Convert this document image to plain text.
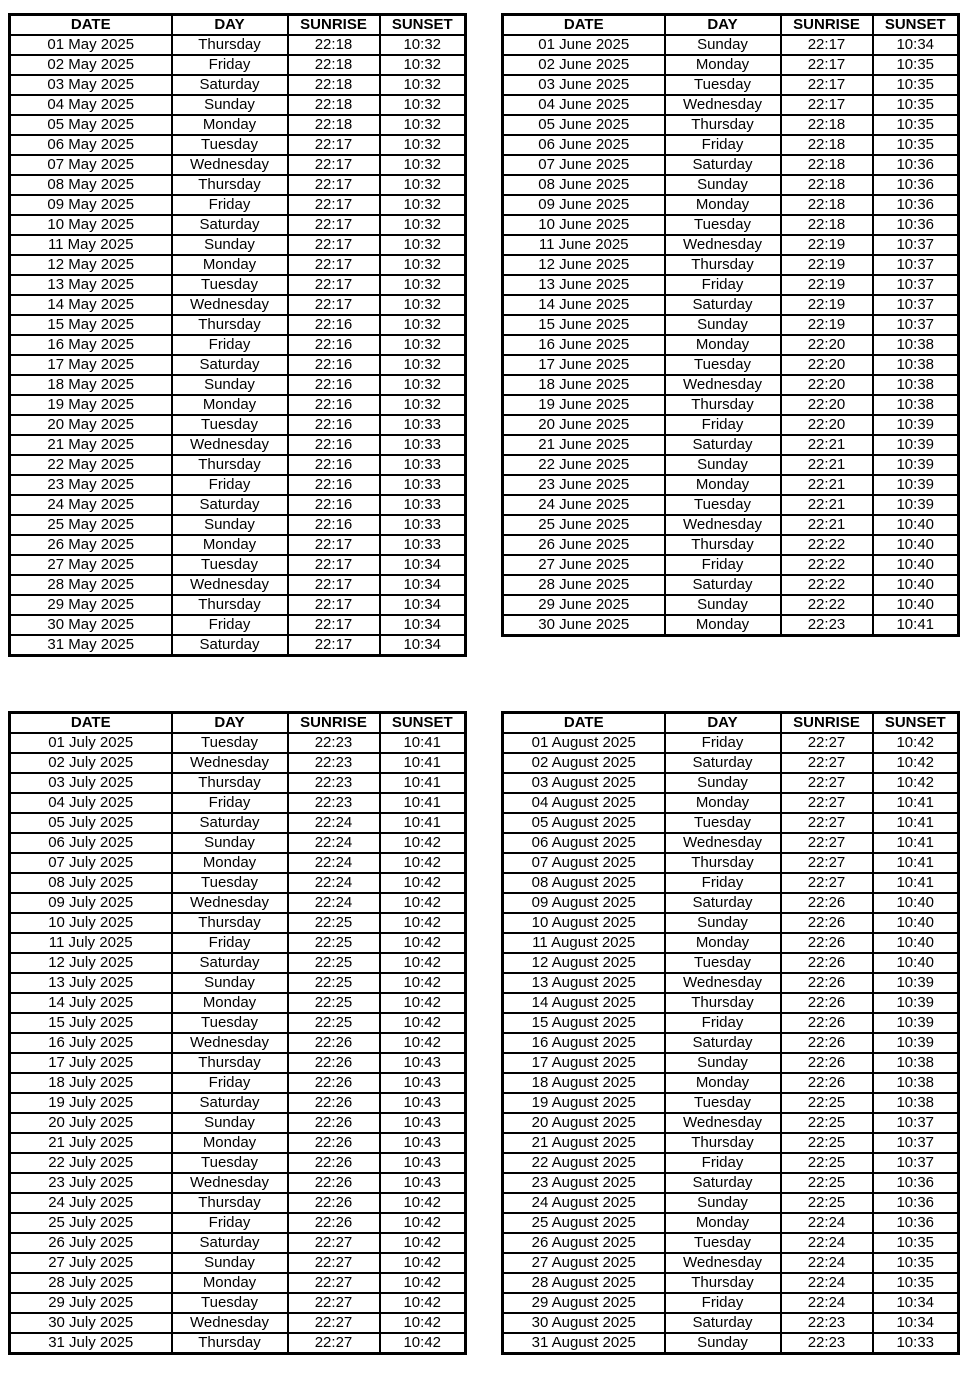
DATE	DAY	SUNRISE	SUNSET
01 May 2025	Thursday	22:18	10:32
02 May 2025	Friday	22:18	10:32
03 May 2025	Saturday	22:18	10:32
04 May 2025	Sunday	22:18	10:32
05 May 2025	Monday	22:18	10:32
06 May 2025	Tuesday	22:17	10:32
07 May 2025	Wednesday	22:17	10:32
08 May 2025	Thursday	22:17	10:32
09 May 2025	Friday	22:17	10:32
10 May 2025	Saturday	22:17	10:32
11 May 2025	Sunday	22:17	10:32
12 May 2025	Monday	22:17	10:32
13 May 2025	Tuesday	22:17	10:32
14 May 2025	Wednesday	22:17	10:32
15 May 2025	Thursday	22:16	10:32
16 May 2025	Friday	22:16	10:32
17 May 2025	Saturday	22:16	10:32
18 May 2025	Sunday	22:16	10:32
19 May 2025	Monday	22:16	10:32
20 May 2025	Tuesday	22:16	10:33
21 May 2025	Wednesday	22:16	10:33
22 May 2025	Thursday	22:16	10:33
23 May 2025	Friday	22:16	10:33
24 May 2025	Saturday	22:16	10:33
25 May 2025	Sunday	22:16	10:33
26 May 2025	Monday	22:17	10:33
27 May 2025	Tuesday	22:17	10:34
28 May 2025	Wednesday	22:17	10:34
29 May 2025	Thursday	22:17	10:34
30 May 2025	Friday	22:17	10:34
31 May 2025	Saturday	22:17	10:34
DATE	DAY	SUNRISE	SUNSET
01 June 2025	Sunday	22:17	10:34
02 June 2025	Monday	22:17	10:35
03 June 2025	Tuesday	22:17	10:35
04 June 2025	Wednesday	22:17	10:35
05 June 2025	Thursday	22:18	10:35
06 June 2025	Friday	22:18	10:35
07 June 2025	Saturday	22:18	10:36
08 June 2025	Sunday	22:18	10:36
09 June 2025	Monday	22:18	10:36
10 June 2025	Tuesday	22:18	10:36
11 June 2025	Wednesday	22:19	10:37
12 June 2025	Thursday	22:19	10:37
13 June 2025	Friday	22:19	10:37
14 June 2025	Saturday	22:19	10:37
15 June 2025	Sunday	22:19	10:37
16 June 2025	Monday	22:20	10:38
17 June 2025	Tuesday	22:20	10:38
18 June 2025	Wednesday	22:20	10:38
19 June 2025	Thursday	22:20	10:38
20 June 2025	Friday	22:20	10:39
21 June 2025	Saturday	22:21	10:39
22 June 2025	Sunday	22:21	10:39
23 June 2025	Monday	22:21	10:39
24 June 2025	Tuesday	22:21	10:39
25 June 2025	Wednesday	22:21	10:40
26 June 2025	Thursday	22:22	10:40
27 June 2025	Friday	22:22	10:40
28 June 2025	Saturday	22:22	10:40
29 June 2025	Sunday	22:22	10:40
30 June 2025	Monday	22:23	10:41
DATE	DAY	SUNRISE	SUNSET
01 July 2025	Tuesday	22:23	10:41
02 July 2025	Wednesday	22:23	10:41
03 July 2025	Thursday	22:23	10:41
04 July 2025	Friday	22:23	10:41
05 July 2025	Saturday	22:24	10:41
06 July 2025	Sunday	22:24	10:42
07 July 2025	Monday	22:24	10:42
08 July 2025	Tuesday	22:24	10:42
09 July 2025	Wednesday	22:24	10:42
10 July 2025	Thursday	22:25	10:42
11 July 2025	Friday	22:25	10:42
12 July 2025	Saturday	22:25	10:42
13 July 2025	Sunday	22:25	10:42
14 July 2025	Monday	22:25	10:42
15 July 2025	Tuesday	22:25	10:42
16 July 2025	Wednesday	22:26	10:42
17 July 2025	Thursday	22:26	10:43
18 July 2025	Friday	22:26	10:43
19 July 2025	Saturday	22:26	10:43
20 July 2025	Sunday	22:26	10:43
21 July 2025	Monday	22:26	10:43
22 July 2025	Tuesday	22:26	10:43
23 July 2025	Wednesday	22:26	10:43
24 July 2025	Thursday	22:26	10:42
25 July 2025	Friday	22:26	10:42
26 July 2025	Saturday	22:27	10:42
27 July 2025	Sunday	22:27	10:42
28 July 2025	Monday	22:27	10:42
29 July 2025	Tuesday	22:27	10:42
30 July 2025	Wednesday	22:27	10:42
31 July 2025	Thursday	22:27	10:42
DATE	DAY	SUNRISE	SUNSET
01 August 2025	Friday	22:27	10:42
02 August 2025	Saturday	22:27	10:42
03 August 2025	Sunday	22:27	10:42
04 August 2025	Monday	22:27	10:41
05 August 2025	Tuesday	22:27	10:41
06 August 2025	Wednesday	22:27	10:41
07 August 2025	Thursday	22:27	10:41
08 August 2025	Friday	22:27	10:41
09 August 2025	Saturday	22:26	10:40
10 August 2025	Sunday	22:26	10:40
11 August 2025	Monday	22:26	10:40
12 August 2025	Tuesday	22:26	10:40
13 August 2025	Wednesday	22:26	10:39
14 August 2025	Thursday	22:26	10:39
15 August 2025	Friday	22:26	10:39
16 August 2025	Saturday	22:26	10:39
17 August 2025	Sunday	22:26	10:38
18 August 2025	Monday	22:26	10:38
19 August 2025	Tuesday	22:25	10:38
20 August 2025	Wednesday	22:25	10:37
21 August 2025	Thursday	22:25	10:37
22 August 2025	Friday	22:25	10:37
23 August 2025	Saturday	22:25	10:36
24 August 2025	Sunday	22:25	10:36
25 August 2025	Monday	22:24	10:36
26 August 2025	Tuesday	22:24	10:35
27 August 2025	Wednesday	22:24	10:35
28 August 2025	Thursday	22:24	10:35
29 August 2025	Friday	22:24	10:34
30 August 2025	Saturday	22:23	10:34
31 August 2025	Sunday	22:23	10:33
